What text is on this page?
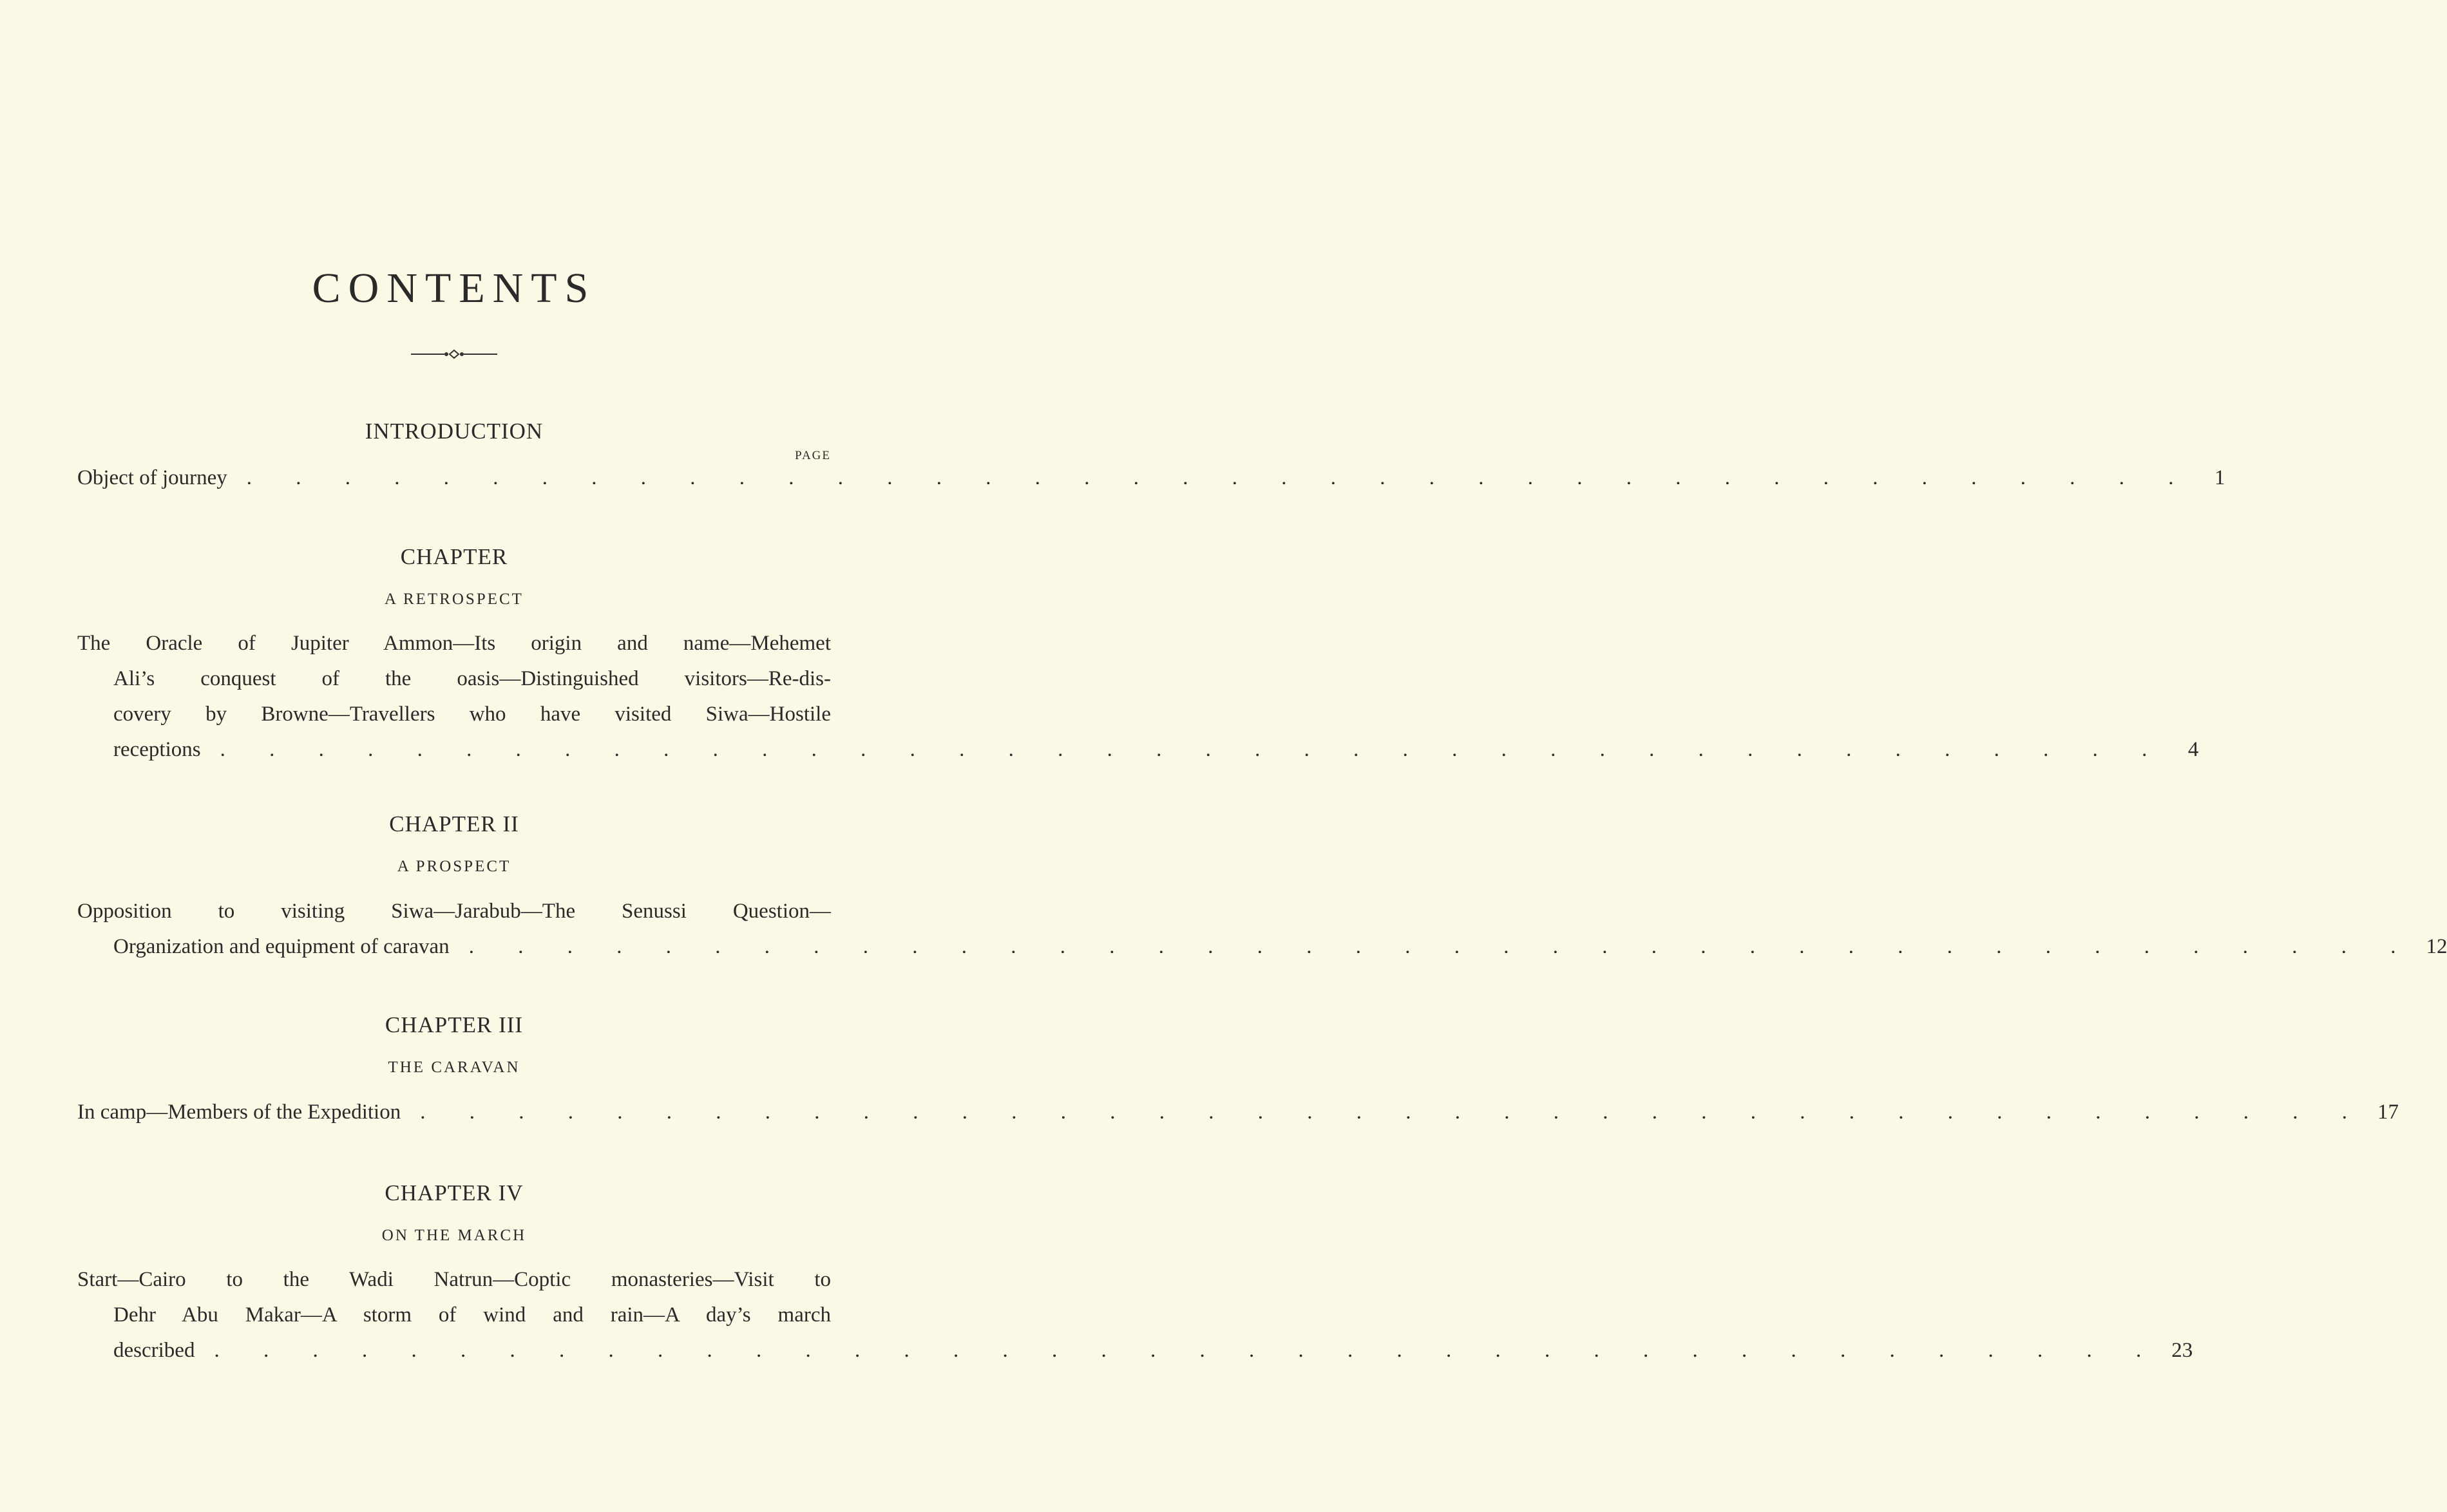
CONTENTS
INTRODUCTION
PAGE
Object of journey . . . . . . . . . . . . . . . . . . . . . . . . . . . . . . . . . . . . . . . .	1
CHAPTER
A RETROSPECT
The Oracle of Jupiter Ammon—Its origin and name—Mehemet
Ali’s conquest of the oasis—Distinguished visitors—Re-dis-
covery by Browne—Travellers who have visited Siwa—Hostile
receptions . . . . . . . . . . . . . . . . . . . . . . . . . . . . . . . . . . . . . . . .	4
CHAPTER II
A PROSPECT
Opposition to visiting Siwa—Jarabub—The Senussi Question—
Organization and equipment of caravan . . . . . . . . . . . . . . . . . . . . . . . . . . . . . . . . . . . . . . . . 12
CHAPTER III
THE CARAVAN
In camp—Members of the Expedition . . . . . . . . . . . . . . . . . . . . . . . . . . . . . . . . . . . . . . . . 17
CHAPTER IV
ON THE MARCH
Start—Cairo to the Wadi Natrun—Coptic monasteries—Visit to
Dehr Abu Makar—A storm of wind and rain—A day’s march
described . . . . . . . . . . . . . . . . . . . . . . . . . . . . . . . . . . . . . . . . 23
